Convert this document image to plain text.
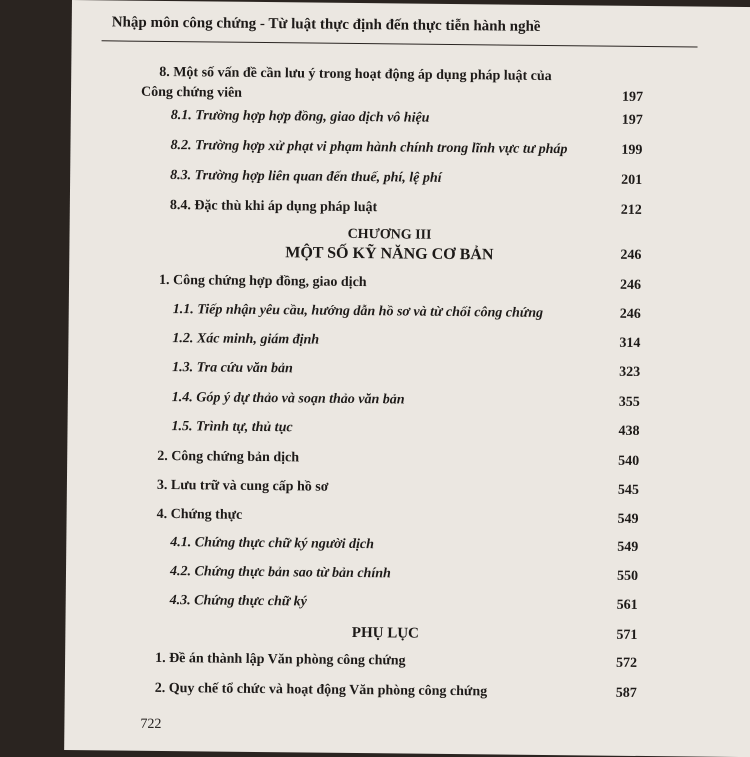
Nhập môn công chứng - Từ luật thực định đến thực tiễn hành nghề
8. Một số vấn đề cần lưu ý trong hoạt động áp dụng pháp luật của
Công chứng viên	197
8.1. Trường hợp hợp đồng, giao dịch vô hiệu	197
8.2. Trường hợp xử phạt vi phạm hành chính trong lĩnh vực tư pháp	199
8.3. Trường hợp liên quan đến thuế, phí, lệ phí	201
8.4. Đặc thù khi áp dụng pháp luật	212
CHƯƠNG III
MỘT SỐ KỸ NĂNG CƠ BẢN	246
1. Công chứng hợp đồng, giao dịch	246
1.1. Tiếp nhận yêu cầu, hướng dẫn hồ sơ và từ chối công chứng	246
1.2. Xác minh, giám định	314
1.3. Tra cứu văn bản	323
1.4. Góp ý dự thảo và soạn thảo văn bản	355
1.5. Trình tự, thủ tục	438
2. Công chứng bản dịch	540
3. Lưu trữ và cung cấp hồ sơ	545
4. Chứng thực	549
4.1. Chứng thực chữ ký người dịch	549
4.2. Chứng thực bản sao từ bản chính	550
4.3. Chứng thực chữ ký	561
PHỤ LỤC	571
1. Đề án thành lập Văn phòng công chứng	572
2. Quy chế tổ chức và hoạt động Văn phòng công chứng	587
722
